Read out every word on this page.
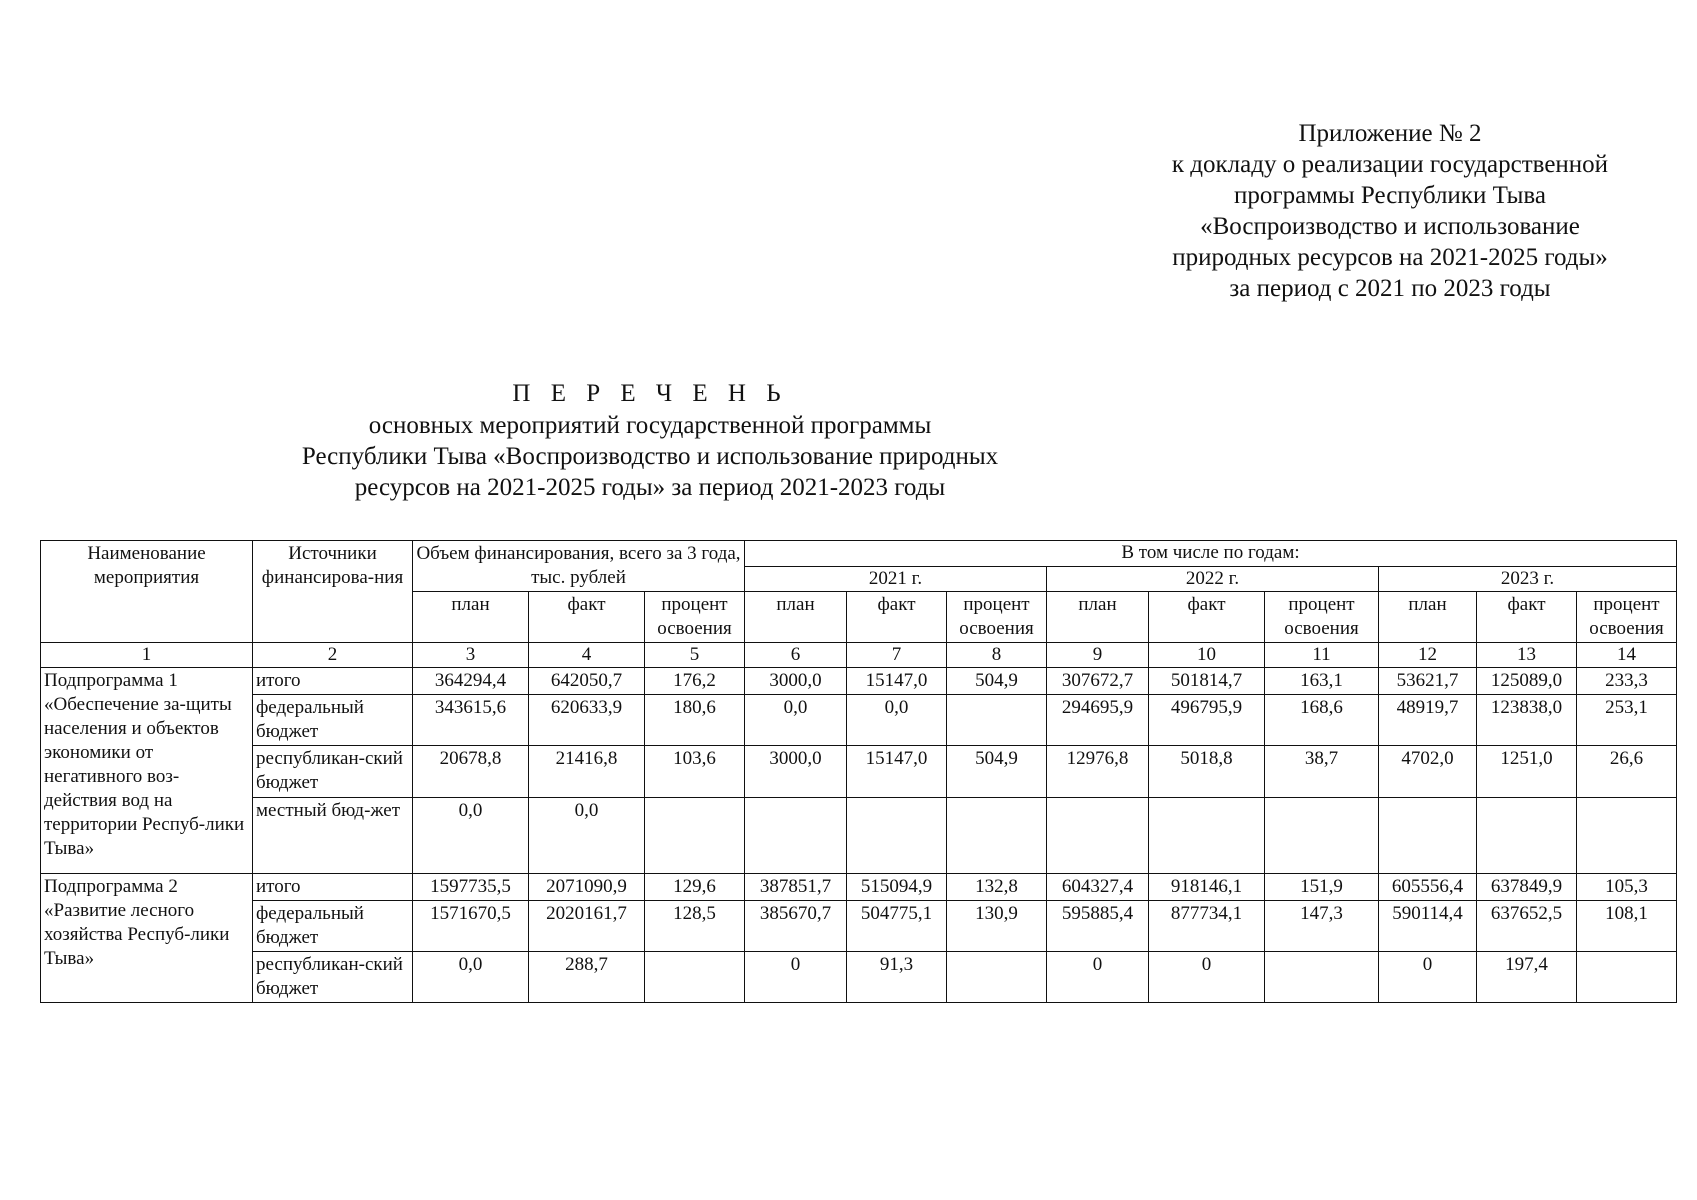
Приложение № 2
к докладу о реализации государственной
программы Республики Тыва
«Воспроизводство и использование
природных ресурсов на 2021-2025 годы»
за период с 2021 по 2023 годы
П Е Р Е Ч Е Н Ь
основных мероприятий государственной программы
Республики Тыва «Воспроизводство и использование природных
ресурсов на 2021-2025 годы» за период 2021-2023 годы
Наименование мероприятия	Источники финансирова-ния	Объем финансирования, всего за 3 года, тыс. рублей			В том числе по годам:								
					2021 г.			2022 г.			2023 г.		
		план	факт	процент освоения	план	факт	процент освоения	план	факт	процент освоения	план	факт	процент освоения
1	2	3	4	5	6	7	8	9	10	11	12	13	14
Подпрограмма 1 «Обеспечение за-щиты населения и объектов экономики от негативного воз-действия вод на территории Респуб-лики Тыва»	итого	364294,4	642050,7	176,2	3000,0	15147,0	504,9	307672,7	501814,7	163,1	53621,7	125089,0	233,3
	федеральный бюджет	343615,6	620633,9	180,6	0,0	0,0		294695,9	496795,9	168,6	48919,7	123838,0	253,1
	республикан-ский бюджет	20678,8	21416,8	103,6	3000,0	15147,0	504,9	12976,8	5018,8	38,7	4702,0	1251,0	26,6
	местный бюд-жет	0,0	0,0										
Подпрограмма 2 «Развитие лесного хозяйства Респуб-лики Тыва»	итого	1597735,5	2071090,9	129,6	387851,7	515094,9	132,8	604327,4	918146,1	151,9	605556,4	637849,9	105,3
	федеральный бюджет	1571670,5	2020161,7	128,5	385670,7	504775,1	130,9	595885,4	877734,1	147,3	590114,4	637652,5	108,1
	республикан-ский бюджет	0,0	288,7		0	91,3		0	0		0	197,4	
